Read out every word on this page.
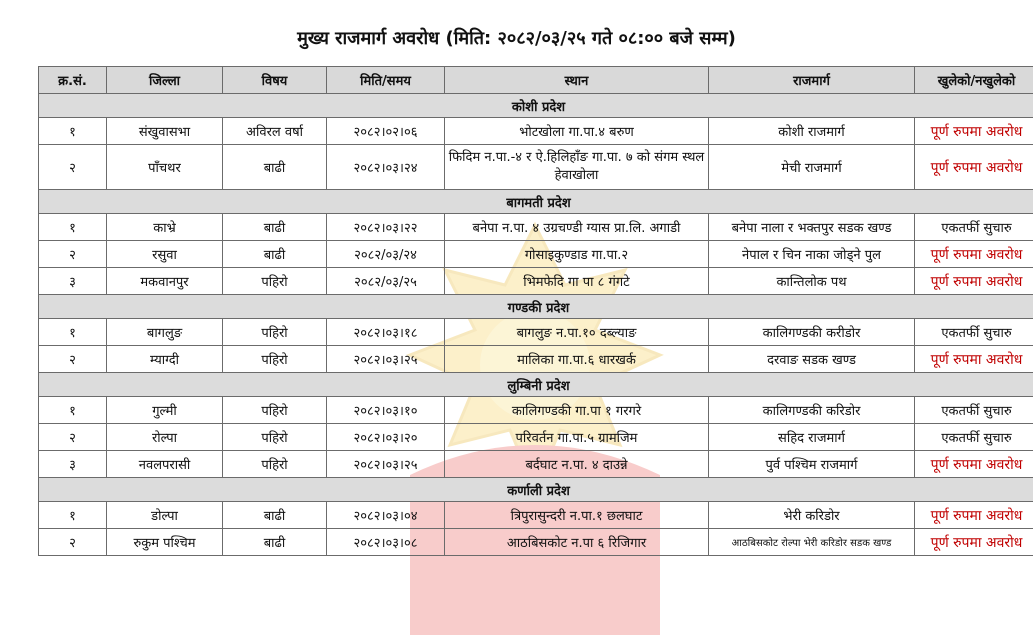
मुख्य राजमार्ग अवरोध (मिति: २०८२/०३/२५ गते ०८:०० बजे सम्म)
क्र.सं.	जिल्ला	विषय	मिति/समय	स्थान	राजमार्ग	खुलेको/नखुलेको
कोशी प्रदेश						
१	संखुवासभा	अविरल वर्षा	२०८२।०२।०६	भोटखोला गा.पा.४ बरुण	कोशी राजमार्ग	पूर्ण रुपमा अवरोध
२	पाँचथर	बाढी	२०८२।०३।२४	फिदिम न.पा.-४ र ऐ.हिलिहाँङ गा.पा. ७ को संगम स्थल हेवाखोला	मेची राजमार्ग	पूर्ण रुपमा अवरोध
बागमती प्रदेश						
१	काभ्रे	बाढी	२०८२।०३।२२	बनेपा न.पा. ४ उग्रचण्डी ग्यास प्रा.लि. अगाडी	बनेपा नाला र भक्तपुर सडक खण्ड	एकतर्फी सुचारु
२	रसुवा	बाढी	२०८२/०३/२४	गोसाइकुण्डाड गा.पा.२	नेपाल र चिन नाका जोड्ने पुल	पूर्ण रुपमा अवरोध
३	मकवानपुर	पहिरो	२०८२/०३/२५	भिमफेदि गा पा ८ गंगटे	कान्तिलोक पथ	पूर्ण रुपमा अवरोध
गण्डकी प्रदेश						
१	बागलुङ	पहिरो	२०८२।०३।१८	बागलुङ न.पा.१० दब्ल्याङ	कालिगण्डकी करीडोर	एकतर्फी सुचारु
२	म्याग्दी	पहिरो	२०८२।०३।२५	मालिका गा.पा.६ धारखर्क	दरवाङ सडक खण्ड	पूर्ण रुपमा अवरोध
लुम्बिनी प्रदेश						
१	गुल्मी	पहिरो	२०८२।०३।१०	कालिगण्डकी गा.पा १ गरगरे	कालिगण्डकी करिडोर	एकतर्फी सुचारु
२	रोल्पा	पहिरो	२०८२।०३।२०	परिवर्तन गा.पा.५ ग्रामजिम	सहिद राजमार्ग	एकतर्फी सुचारु
३	नवलपरासी	पहिरो	२०८२।०३।२५	बर्दघाट न.पा. ४ दाउन्ने	पुर्व पश्चिम राजमार्ग	पूर्ण रुपमा अवरोध
कर्णाली प्रदेश						
१	डोल्पा	बाढी	२०८२।०३।०४	त्रिपुरासुन्दरी न.पा.१ छलघाट	भेरी करिडोर	पूर्ण रुपमा अवरोध
२	रुकुम पश्चिम	बाढी	२०८२।०३।०८	आठबिसकोट न.पा ६ रिजिगार	आठबिसकोट रोल्पा भेरी करिडोर सडक खण्ड	पूर्ण रुपमा अवरोध
